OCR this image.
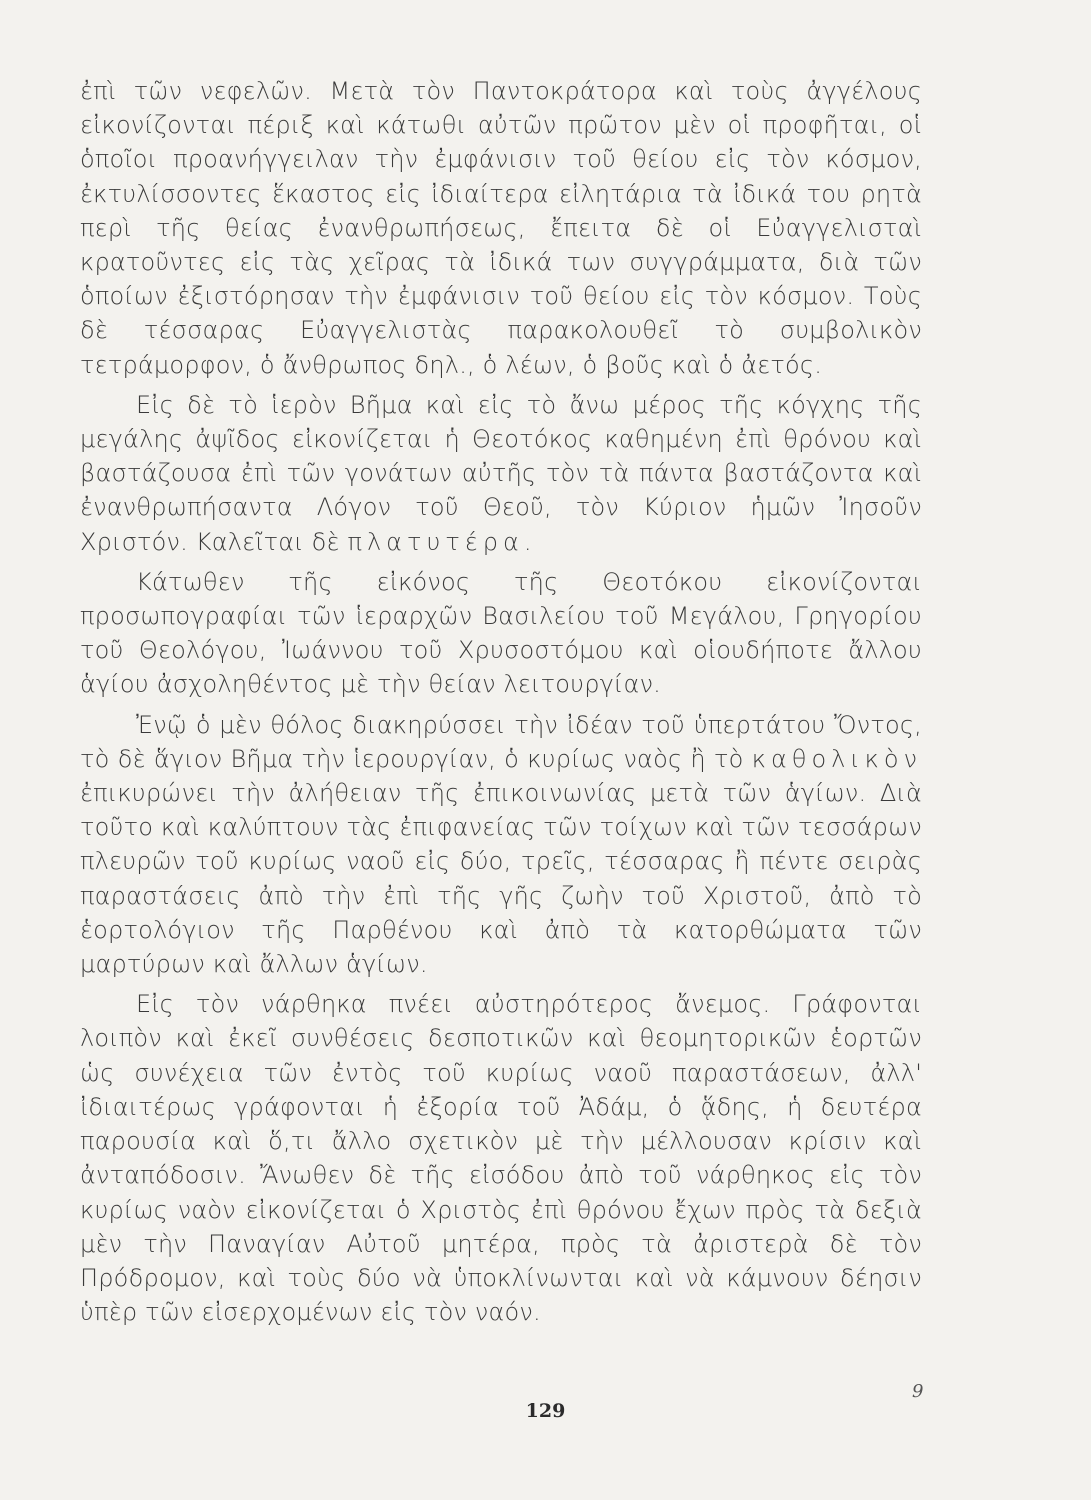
ἐπὶ τῶν νεφελῶν. Μετὰ τὸν Παντοκράτορα καὶ τοὺς ἀγγέλους εἰκονίζονται πέριξ καὶ κάτωθι αὐτῶν πρῶτον μὲν οἱ προφῆται, οἱ ὁποῖοι προανήγγειλαν τὴν ἐμφάνισιν τοῦ θείου εἰς τὸν κόσμον, ἐκτυλίσσοντες ἕκαστος εἰς ἰδιαίτερα εἰλητάρια τὰ ἰδικά του ρητὰ περὶ τῆς θείας ἐνανθρωπήσεως, ἔπειτα δὲ οἱ Εὐαγγελισταὶ κρατοῦντες εἰς τὰς χεῖρας τὰ ἰδικά των συγγράμματα, διὰ τῶν ὁποίων ἐξιστόρησαν τὴν ἐμφάνισιν τοῦ θείου εἰς τὸν κόσμον. Τοὺς δὲ τέσσαρας Εὐαγγελιστὰς παρακολουθεῖ τὸ συμβολικὸν τετράμορφον, ὁ ἄνθρωπος δηλ., ὁ λέων, ὁ βοῦς καὶ ὁ ἀετός.

Εἰς δὲ τὸ ἱερὸν Βῆμα καὶ εἰς τὸ ἄνω μέρος τῆς κόγχης τῆς μεγάλης ἀψῖδος εἰκονίζεται ἡ Θεοτόκος καθημένη ἐπὶ θρόνου καὶ βαστάζουσα ἐπὶ τῶν γονάτων αὐτῆς τὸν τὰ πάντα βαστάζοντα καὶ ἐνανθρωπήσαντα Λόγον τοῦ Θεοῦ, τὸν Κύριον ἡμῶν Ἰησοῦν Χριστόν. Καλεῖται δὲ πλατυτέρα.

Κάτωθεν τῆς εἰκόνος τῆς Θεοτόκου εἰκονίζονται προσωπογραφίαι τῶν ἱεραρχῶν Βασιλείου τοῦ Μεγάλου, Γρηγορίου τοῦ Θεολόγου, Ἰωάννου τοῦ Χρυσοστόμου καὶ οἱουδήποτε ἄλλου ἁγίου ἀσχοληθέντος μὲ τὴν θείαν λειτουργίαν.

Ἐνῷ ὁ μὲν θόλος διακηρύσσει τὴν ἰδέαν τοῦ ὑπερτάτου Ὄντος, τὸ δὲ ἅγιον Βῆμα τὴν ἱερουργίαν, ὁ κυρίως ναὸς ἢ τὸ καθολικὸν ἐπικυρώνει τὴν ἀλήθειαν τῆς ἐπικοινωνίας μετὰ τῶν ἁγίων. Διὰ τοῦτο καὶ καλύπτουν τὰς ἐπιφανείας τῶν τοίχων καὶ τῶν τεσσάρων πλευρῶν τοῦ κυρίως ναοῦ εἰς δύο, τρεῖς, τέσσαρας ἢ πέντε σειρὰς παραστάσεις ἀπὸ τὴν ἐπὶ τῆς γῆς ζωὴν τοῦ Χριστοῦ, ἀπὸ τὸ ἑορτολόγιον τῆς Παρθένου καὶ ἀπὸ τὰ κατορθώματα τῶν μαρτύρων καὶ ἄλλων ἁγίων.

Εἰς τὸν νάρθηκα πνέει αὐστηρότερος ἄνεμος. Γράφονται λοιπὸν καὶ ἐκεῖ συνθέσεις δεσποτικῶν καὶ θεομητορικῶν ἑορτῶν ὡς συνέχεια τῶν ἐντὸς τοῦ κυρίως ναοῦ παραστάσεων, ἀλλ' ἰδιαιτέρως γράφονται ἡ ἐξορία τοῦ Ἀδάμ, ὁ ᾅδης, ἡ δευτέρα παρουσία καὶ ὅ,τι ἄλλο σχετικὸν μὲ τὴν μέλλουσαν κρίσιν καὶ ἀνταπόδοσιν. Ἄνωθεν δὲ τῆς εἰσόδου ἀπὸ τοῦ νάρθηκος εἰς τὸν κυρίως ναὸν εἰκονίζεται ὁ Χριστὸς ἐπὶ θρόνου ἔχων πρὸς τὰ δεξιὰ μὲν τὴν Παναγίαν Αὐτοῦ μητέρα, πρὸς τὰ ἀριστερὰ δὲ τὸν Πρόδρομον, καὶ τοὺς δύο νὰ ὑποκλίνωνται καὶ νὰ κάμνουν δέησιν ὑπὲρ τῶν εἰσερχομένων εἰς τὸν ναόν.

129
9
